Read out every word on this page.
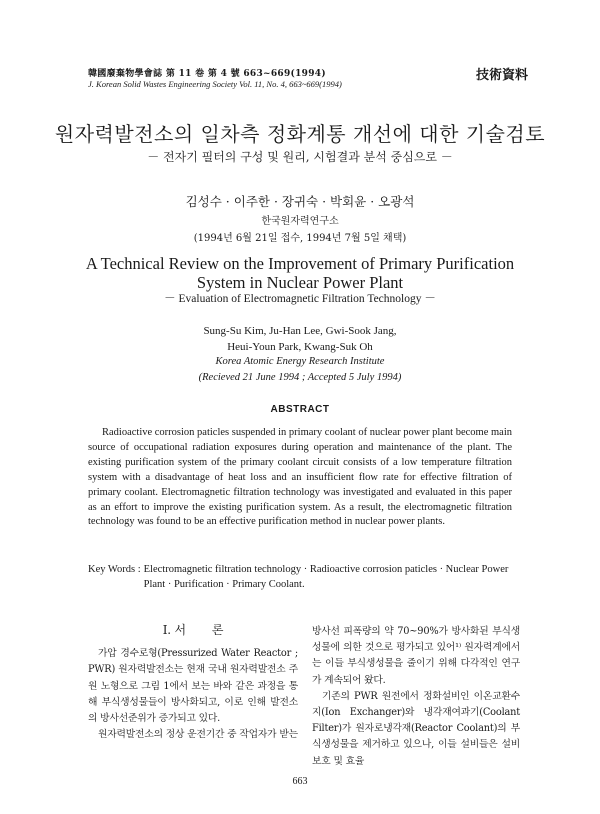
韓國廢棄物學會誌 第 11 卷 第 4 號 663~669(1994)
J. Korean Solid Wastes Engineering Society Vol. 11, No. 4, 663~669(1994)
技術資料
원자력발전소의 일차측 정화계통 개선에 대한 기술검토
－ 전자기 필터의 구성 및 원리, 시험결과 분석 중심으로 －
김성수 · 이주한 · 장귀숙 · 박회윤 · 오광석
한국원자력연구소
(1994년 6월 21일 접수, 1994년 7월 5일 채택)
A Technical Review on the Improvement of Primary Purification
System in Nuclear Power Plant
－ Evaluation of Electromagnetic Filtration Technology －
Sung-Su Kim, Ju-Han Lee, Gwi-Sook Jang,
Heui-Youn Park, Kwang-Suk Oh
Korea Atomic Energy Research Institute
(Recieved 21 June 1994 ; Accepted 5 July 1994)
ABSTRACT
Radioactive corrosion paticles suspended in primary coolant of nuclear power plant become main source of occupational radiation exposures during operation and maintenance of the plant. The existing purification system of the primary coolant circuit consists of a low temperature filtration system with a disadvantage of heat loss and an insufficient flow rate for effective filtration of primary coolant. Electromagnetic filtration technology was investigated and evaluated in this paper as an effort to improve the existing purification system. As a result, the electromagnetic filtration technology was found to be an effective purification method in nuclear power plants.
Key Words : Electromagnetic filtration technology · Radioactive corrosion paticles · Nuclear Power Plant · Purification · Primary Coolant.
Ⅰ. 서 론
가압 경수로형(Pressurized Water Reactor ; PWR) 원자력발전소는 현재 국내 원자력발전소 주원 노형으로 그림 1에서 보는 바와 같은 과정을 통해 부식생성물들이 방사화되고, 이로 인해 발전소의 방사선준위가 증가되고 있다.
원자력발전소의 정상 운전기간 중 작업자가 받는
방사선 피폭량의 약 70~90%가 방사화된 부식생성물에 의한 것으로 평가되고 있어¹⁾ 원자력계에서는 이들 부식생성물을 줄이기 위해 다각적인 연구가 계속되어 왔다.
기존의 PWR 원전에서 정화설비인 이온교환수지(Ion Exchanger)와 냉각재여과기(Coolant Filter)가 원자로냉각재(Reactor Coolant)의 부식생성물을 제거하고 있으나, 이들 설비들은 설비보호 및 효율
663
